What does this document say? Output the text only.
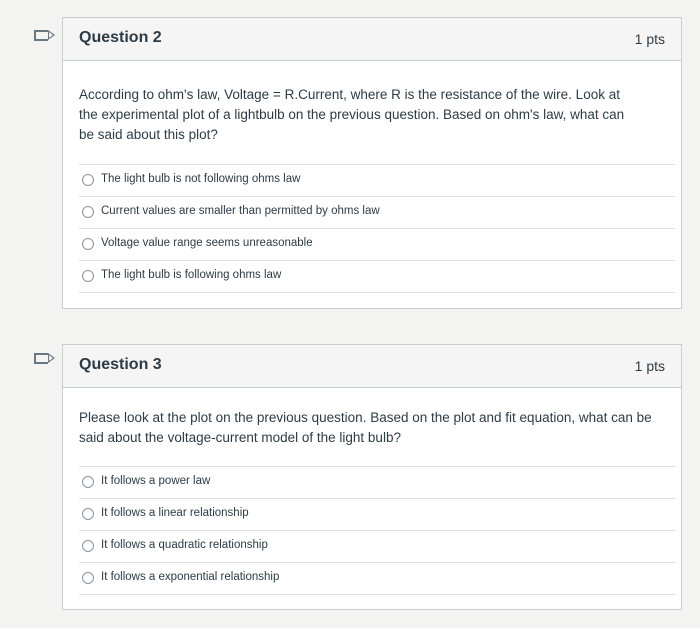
Question 2	1 pts
According to ohm's law, Voltage = R.Current, where R is the resistance of the wire. Look at the experimental plot of a lightbulb on the previous question. Based on ohm's law, what can be said about this plot?
The light bulb is not following ohms law
Current values are smaller than permitted by ohms law
Voltage value range seems unreasonable
The light bulb is following ohms law
Question 3	1 pts
Please look at the plot on the previous question. Based on the plot and fit equation, what can be said about the voltage-current model of the light bulb?
It follows a power law
It follows a linear relationship
It follows a quadratic relationship
It follows a exponential relationship
